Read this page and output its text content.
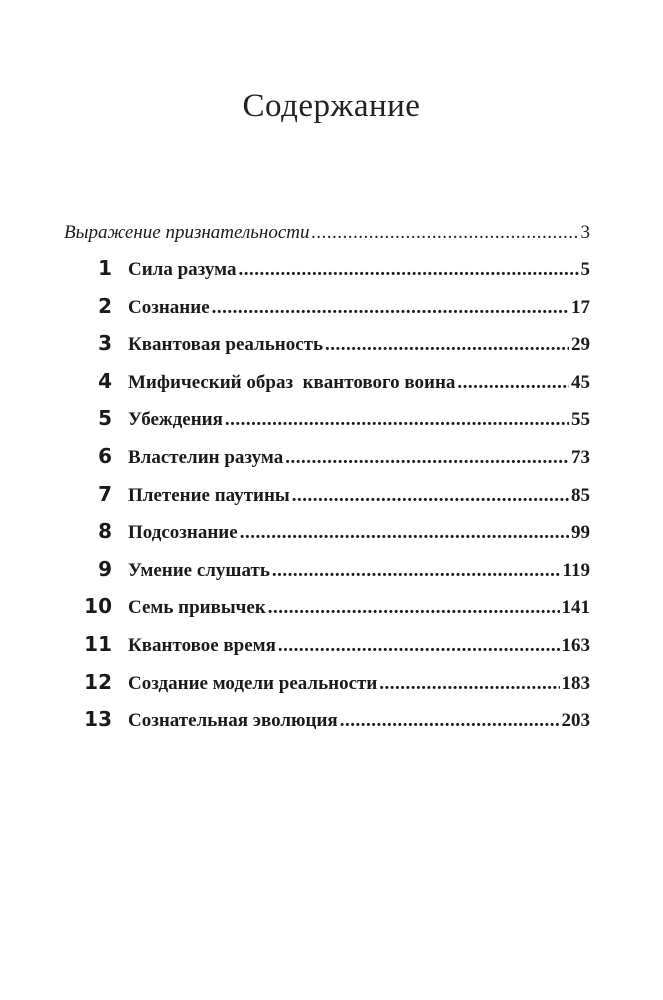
Содержание
Выражение признательности .....	3
1 Сила разума .....	5
2 Сознание .....	17
3 Квантовая реальность .....	29
4 Мифический образ  квантового воина .....	45
5 Убеждения .....	55
6 Властелин разума .....	73
7 Плетение паутины .....	85
8 Подсознание .....	99
9 Умение слушать .....	119
10 Семь привычек .....	141
11 Квантовое время .....	163
12 Создание модели реальности .....	183
13 Сознательная эволюция .....	203
